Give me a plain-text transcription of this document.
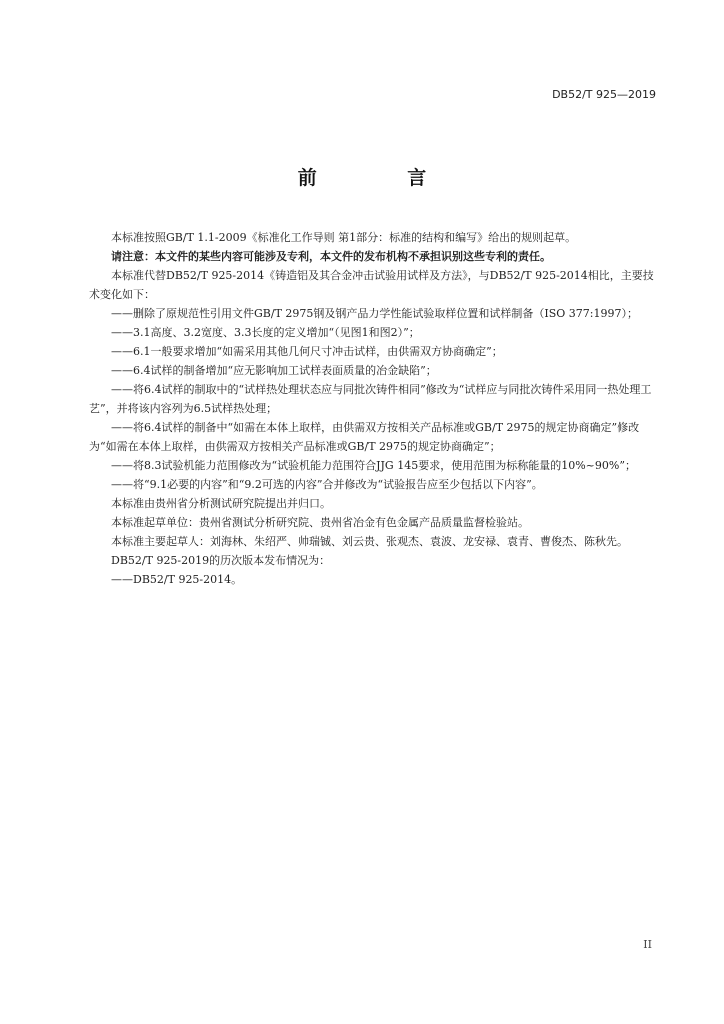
DB52/T 925—2019
前 言

本标准按照GB/T 1.1-2009《标准化工作导则 第1部分：标准的结构和编写》给出的规则起草。

请注意：本文件的某些内容可能涉及专利，本文件的发布机构不承担识别这些专利的责任。

本标准代替DB52/T 925-2014《铸造铝及其合金冲击试验用试样及方法》，与DB52/T 925-2014相比，主要技术变化如下：

——删除了原规范性引用文件GB/T 2975钢及钢产品力学性能试验取样位置和试样制备（ISO 377:1997）；

——3.1高度、3.2宽度、3.3长度的定义增加“（见图1和图2）”；

——6.1一般要求增加“如需采用其他几何尺寸冲击试样，由供需双方协商确定”；

——6.4试样的制备增加“应无影响加工试样表面质量的冶金缺陷”；

——将6.4试样的制取中的“试样热处理状态应与同批次铸件相同”修改为“试样应与同批次铸件采用同一热处理工艺”，并将该内容列为6.5试样热处理；

——将6.4试样的制备中“如需在本体上取样，由供需双方按相关产品标准或GB/T 2975的规定协商确定”修改为“如需在本体上取样，由供需双方按相关产品标准或GB/T 2975的规定协商确定”；

——将8.3试验机能力范围修改为“试验机能力范围符合JJG 145要求，使用范围为标称能量的10%~90%”；

——将“9.1必要的内容”和“9.2可选的内容”合并修改为“试验报告应至少包括以下内容”。

本标准由贵州省分析测试研究院提出并归口。

本标准起草单位：贵州省测试分析研究院、贵州省冶金有色金属产品质量监督检验站。

本标准主要起草人：刘海林、朱绍严、帅瑞铖、刘云贵、张观杰、袁波、龙安禄、袁青、曹俊杰、陈秋先。

DB52/T 925-2019的历次版本发布情况为：

——DB52/T 925-2014。

II
